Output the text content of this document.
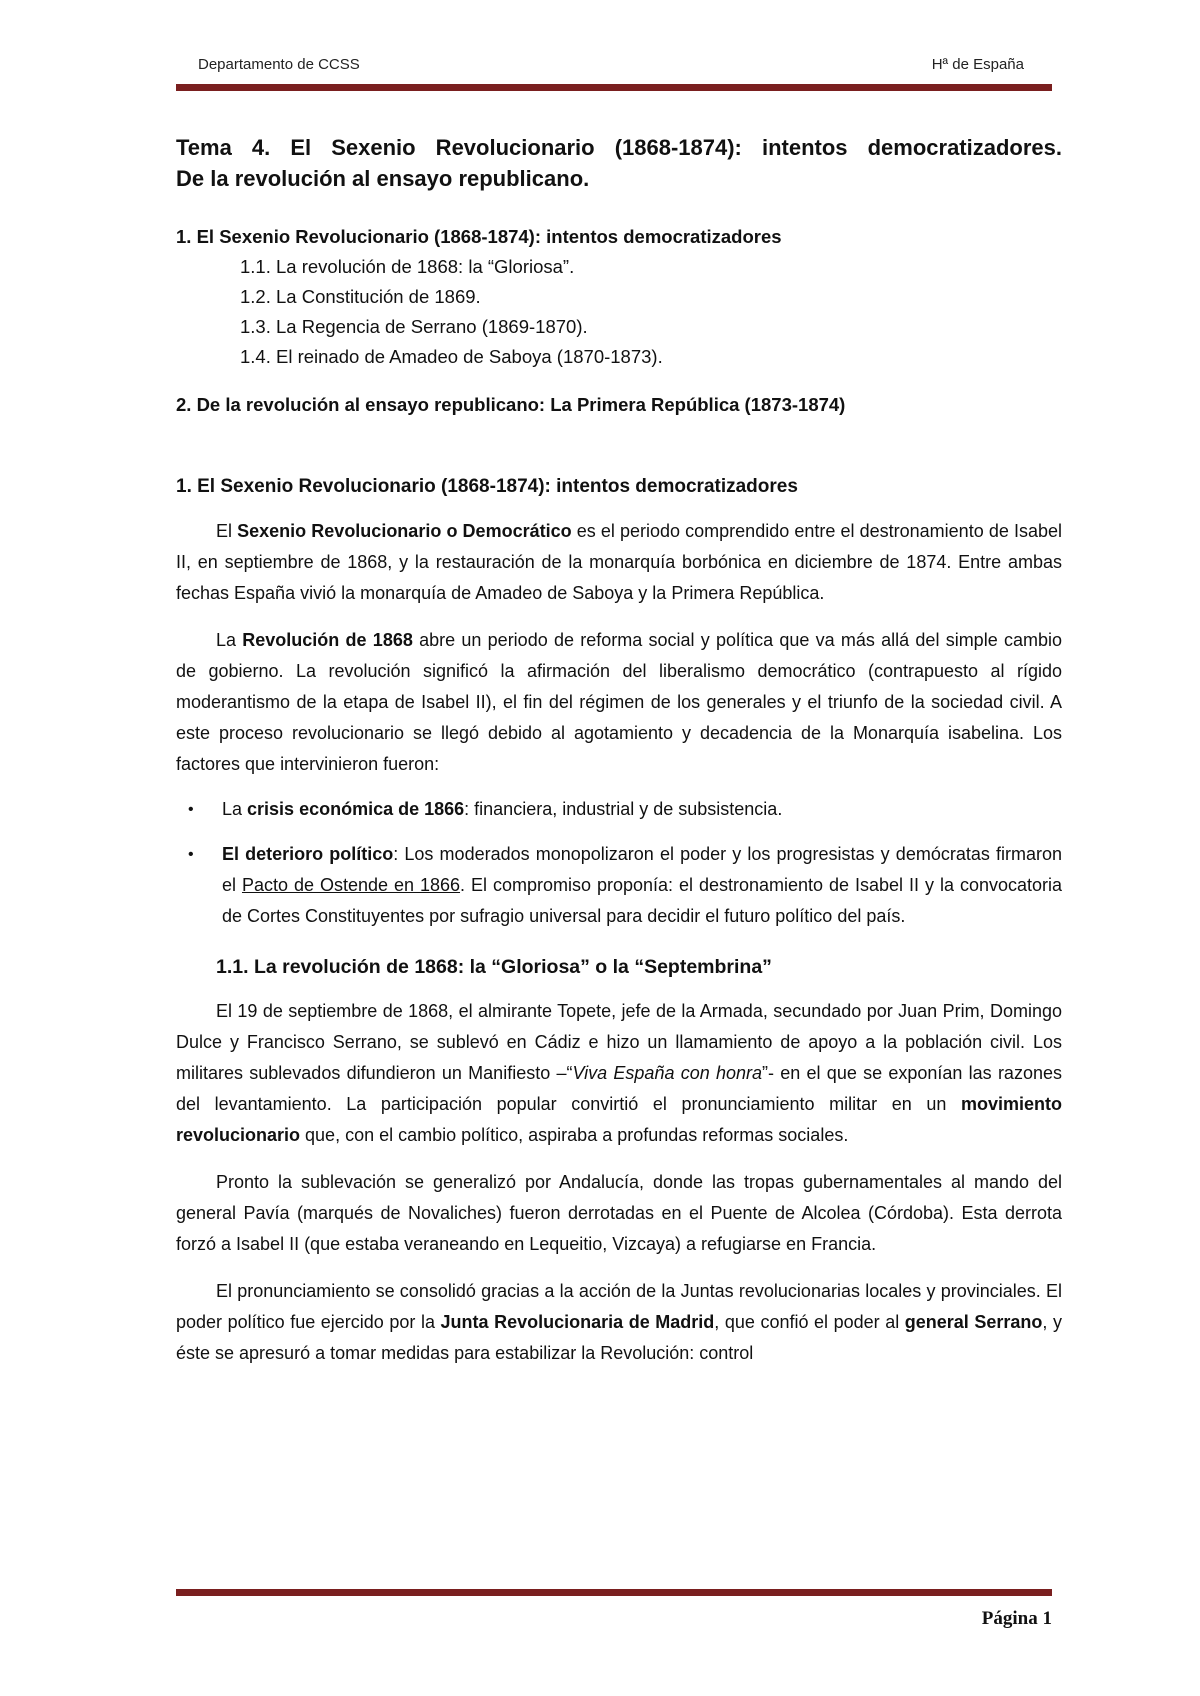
Departamento de CCSS	Hª de España
Tema 4. El Sexenio Revolucionario (1868-1874): intentos democratizadores.
De la revolución al ensayo republicano.
1. El Sexenio Revolucionario (1868-1874): intentos democratizadores
1.1. La revolución de 1868: la “Gloriosa”.
1.2. La Constitución de 1869.
1.3. La Regencia de Serrano (1869-1870).
1.4. El reinado de Amadeo de Saboya (1870-1873).
2. De la revolución al ensayo republicano: La Primera República (1873-1874)
1. El Sexenio Revolucionario (1868-1874): intentos democratizadores

El Sexenio Revolucionario o Democrático es el periodo comprendido entre el destronamiento de Isabel II, en septiembre de 1868, y la restauración de la monarquía borbónica en diciembre de 1874. Entre ambas fechas España vivió la monarquía de Amadeo de Saboya y la Primera República.

La Revolución de 1868 abre un periodo de reforma social y política que va más allá del simple cambio de gobierno. La revolución significó la afirmación del liberalismo democrático (contrapuesto al rígido moderantismo de la etapa de Isabel II), el fin del régimen de los generales y el triunfo de la sociedad civil. A este proceso revolucionario se llegó debido al agotamiento y decadencia de la Monarquía isabelina. Los factores que intervinieron fueron:

• La crisis económica de 1866: financiera, industrial y de subsistencia.
• El deterioro político: Los moderados monopolizaron el poder y los progresistas y demócratas firmaron el Pacto de Ostende en 1866. El compromiso proponía: el destronamiento de Isabel II y la convocatoria de Cortes Constituyentes por sufragio universal para decidir el futuro político del país.
1.1. La revolución de 1868: la “Gloriosa” o la “Septembrina”

El 19 de septiembre de 1868, el almirante Topete, jefe de la Armada, secundado por Juan Prim, Domingo Dulce y Francisco Serrano, se sublevó en Cádiz e hizo un llamamiento de apoyo a la población civil. Los militares sublevados difundieron un Manifiesto –“Viva España con honra”- en el que se exponían las razones del levantamiento. La participación popular convirtió el pronunciamiento militar en un movimiento revolucionario que, con el cambio político, aspiraba a profundas reformas sociales.

Pronto la sublevación se generalizó por Andalucía, donde las tropas gubernamentales al mando del general Pavía (marqués de Novaliches) fueron derrotadas en el Puente de Alcolea (Córdoba). Esta derrota forzó a Isabel II (que estaba veraneando en Lequeitio, Vizcaya) a refugiarse en Francia.

El pronunciamiento se consolidó gracias a la acción de la Juntas revolucionarias locales y provinciales. El poder político fue ejercido por la Junta Revolucionaria de Madrid, que confió el poder al general Serrano, y éste se apresuró a tomar medidas para estabilizar la Revolución: control

Página 1
